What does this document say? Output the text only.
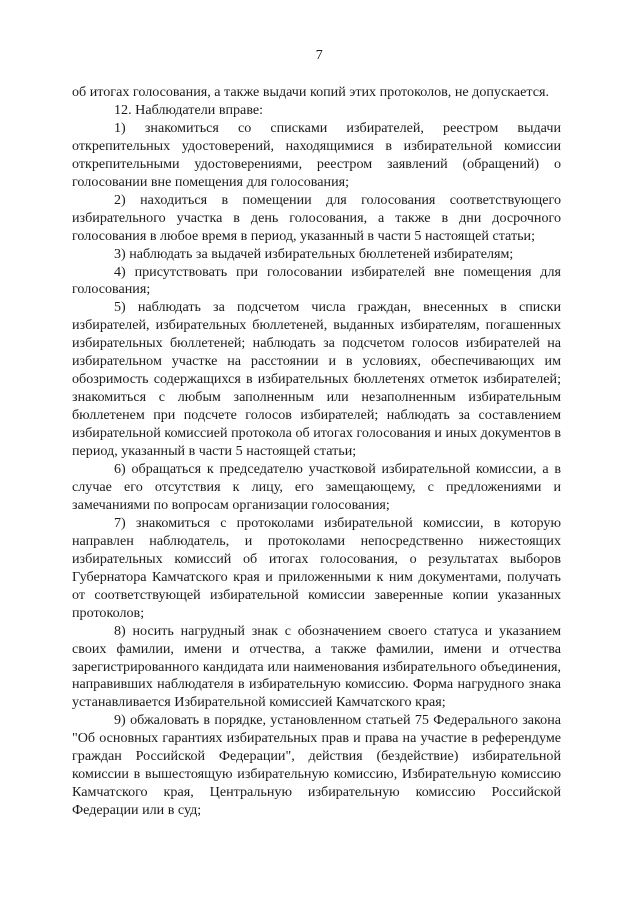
7

об итогах голосования, а также выдачи копий этих протоколов, не допускается.

12. Наблюдатели вправе:

1) знакомиться со списками избирателей, реестром выдачи открепительных удостоверений, находящимися в избирательной комиссии открепительными удостоверениями, реестром заявлений (обращений) о голосовании вне помещения для голосования;

2) находиться в помещении для голосования соответствующего избирательного участка в день голосования, а также в дни досрочного голосования в любое время в период, указанный в части 5 настоящей статьи;

3) наблюдать за выдачей избирательных бюллетеней избирателям;

4) присутствовать при голосовании избирателей вне помещения для голосования;

5) наблюдать за подсчетом числа граждан, внесенных в списки избирателей, избирательных бюллетеней, выданных избирателям, погашенных избирательных бюллетеней; наблюдать за подсчетом голосов избирателей на избирательном участке на расстоянии и в условиях, обеспечивающих им обозримость содержащихся в избирательных бюллетенях отметок избирателей; знакомиться с любым заполненным или незаполненным избирательным бюллетенем при подсчете голосов избирателей; наблюдать за составлением избирательной комиссией протокола об итогах голосования и иных документов в период, указанный в части 5 настоящей статьи;

6) обращаться к председателю участковой избирательной комиссии, а в случае его отсутствия к лицу, его замещающему, с предложениями и замечаниями по вопросам организации голосования;

7) знакомиться с протоколами избирательной комиссии, в которую направлен наблюдатель, и протоколами непосредственно нижестоящих избирательных комиссий об итогах голосования, о результатах выборов Губернатора Камчатского края и приложенными к ним документами, получать от соответствующей избирательной комиссии заверенные копии указанных протоколов;

8) носить нагрудный знак с обозначением своего статуса и указанием своих фамилии, имени и отчества, а также фамилии, имени и отчества зарегистрированного кандидата или наименования избирательного объединения, направивших наблюдателя в избирательную комиссию. Форма нагрудного знака устанавливается Избирательной комиссией Камчатского края;

9) обжаловать в порядке, установленном статьей 75 Федерального закона "Об основных гарантиях избирательных прав и права на участие в референдуме граждан Российской Федерации", действия (бездействие) избирательной комиссии в вышестоящую избирательную комиссию, Избирательную комиссию Камчатского края, Центральную избирательную комиссию Российской Федерации или в суд;
